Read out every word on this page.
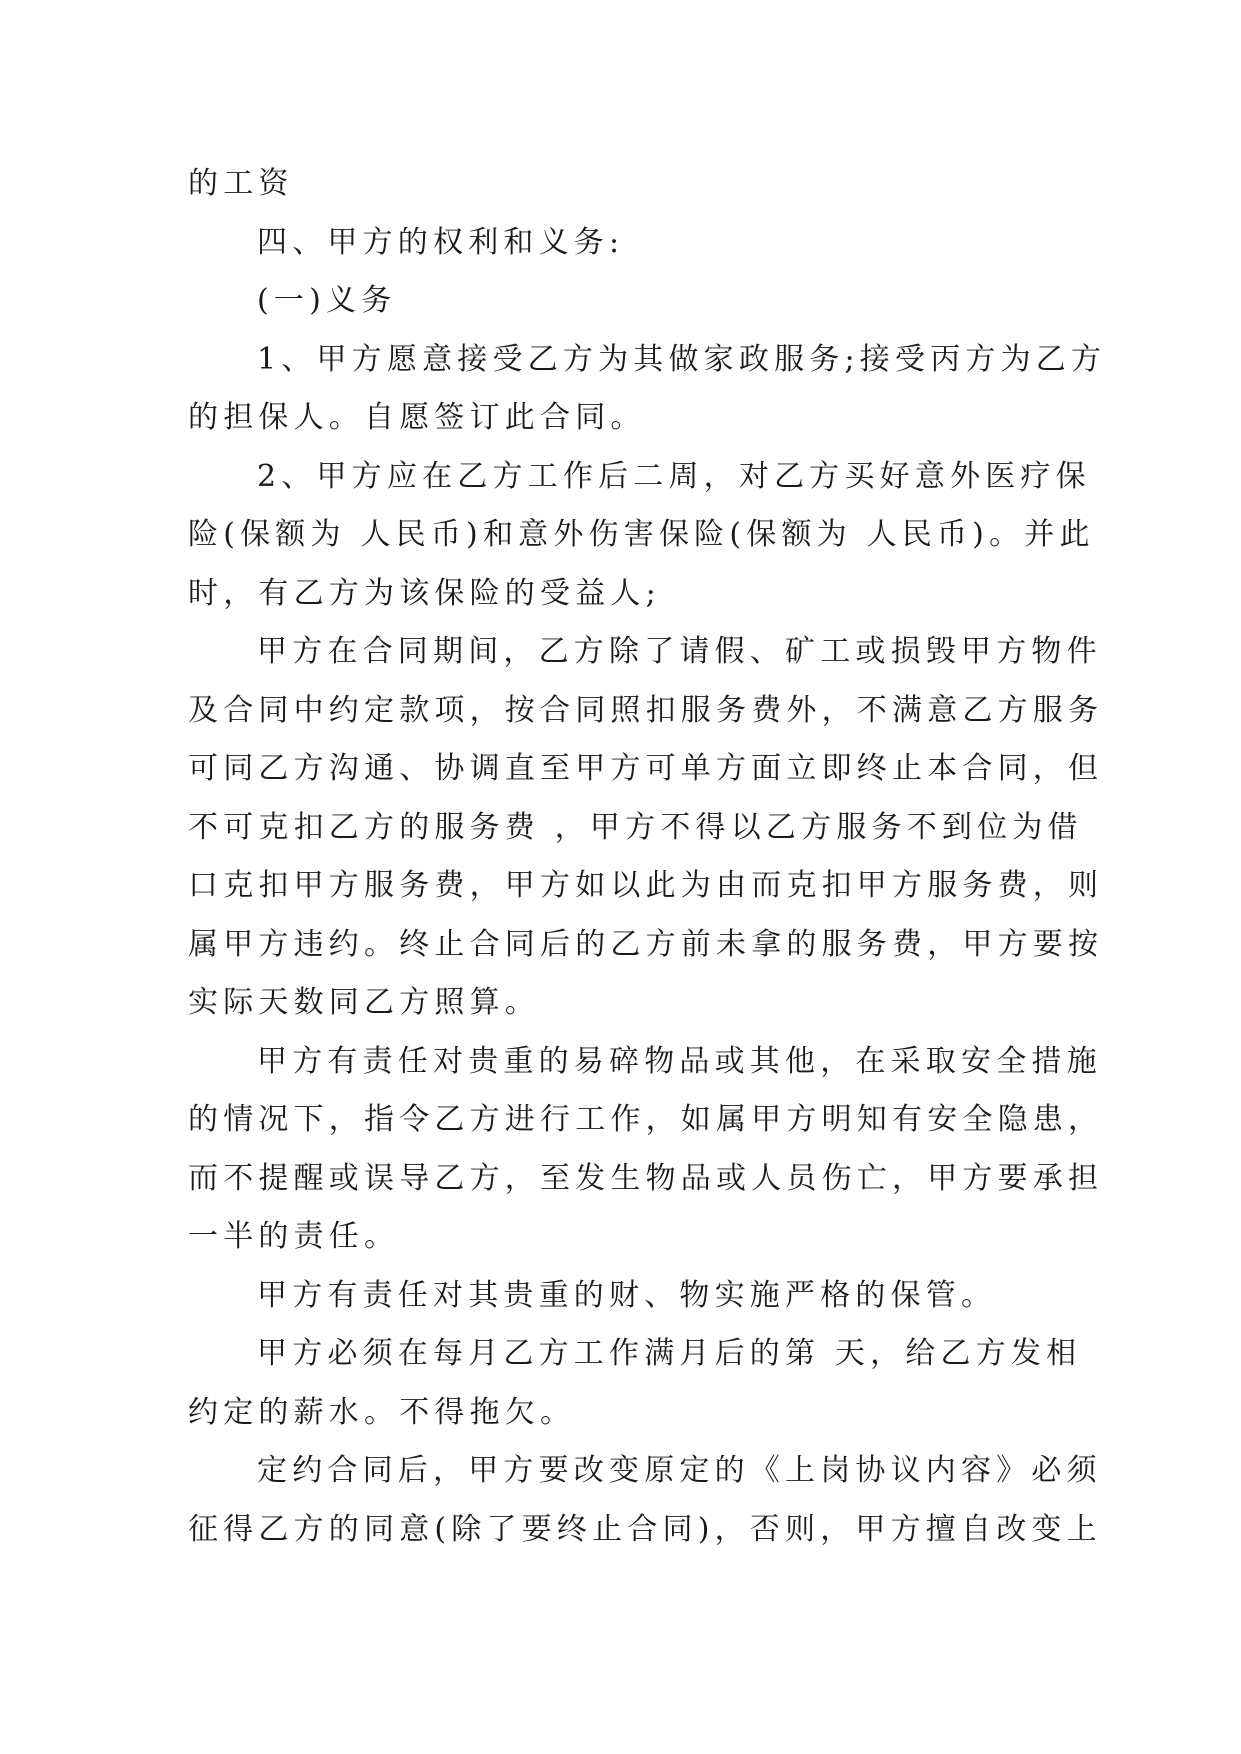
的工资
四、甲方的权利和义务:
(一)义务
1、甲方愿意接受乙方为其做家政服务;接受丙方为乙方
的担保人。自愿签订此合同。
2、甲方应在乙方工作后二周，对乙方买好意外医疗保
险(保额为 人民币)和意外伤害保险(保额为 人民币)。并此
时，有乙方为该保险的受益人;
甲方在合同期间，乙方除了请假、矿工或损毁甲方物件
及合同中约定款项，按合同照扣服务费外，不满意乙方服务
可同乙方沟通、协调直至甲方可单方面立即终止本合同，但
不可克扣乙方的服务费 ，甲方不得以乙方服务不到位为借
口克扣甲方服务费，甲方如以此为由而克扣甲方服务费，则
属甲方违约。终止合同后的乙方前未拿的服务费，甲方要按
实际天数同乙方照算。
甲方有责任对贵重的易碎物品或其他，在采取安全措施
的情况下，指令乙方进行工作，如属甲方明知有安全隐患，
而不提醒或误导乙方，至发生物品或人员伤亡，甲方要承担
一半的责任。
甲方有责任对其贵重的财、物实施严格的保管。
甲方必须在每月乙方工作满月后的第 天，给乙方发相
约定的薪水。不得拖欠。
定约合同后，甲方要改变原定的《上岗协议内容》必须
征得乙方的同意(除了要终止合同)，否则，甲方擅自改变上
